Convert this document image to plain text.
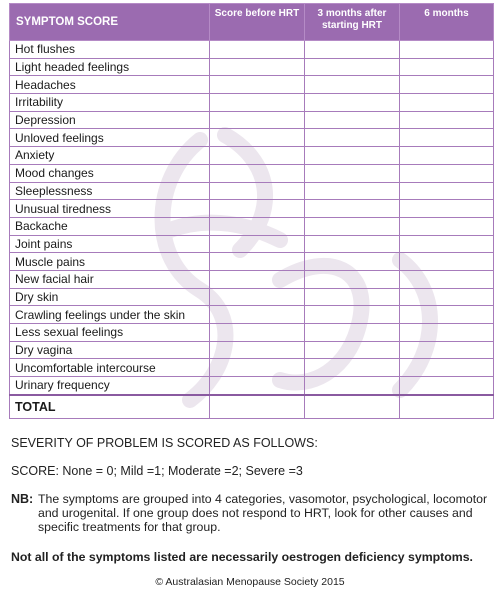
SYMPTOM SCORE	Score before HRT	3 months after starting HRT	6 months

Hot flushes			
Light headed feelings			
Headaches			
Irritability			
Depression			
Unloved feelings			
Anxiety			
Mood changes			
Sleeplessness			
Unusual tiredness			
Backache			
Joint pains			
Muscle pains			
New facial hair			
Dry skin			
Crawling feelings under the skin			
Less sexual feelings			
Dry vagina			
Uncomfortable intercourse			
Urinary frequency			
TOTAL			
SEVERITY OF PROBLEM IS SCORED AS FOLLOWS:
SCORE: None = 0; Mild =1; Moderate =2; Severe =3
NB: The symptoms are grouped into 4 categories, vasomotor, psychological, locomotor and urogenital. If one group does not respond to HRT, look for other causes and specific treatments for that group.
Not all of the symptoms listed are necessarily oestrogen deficiency symptoms.
© Australasian Menopause Society 2015
